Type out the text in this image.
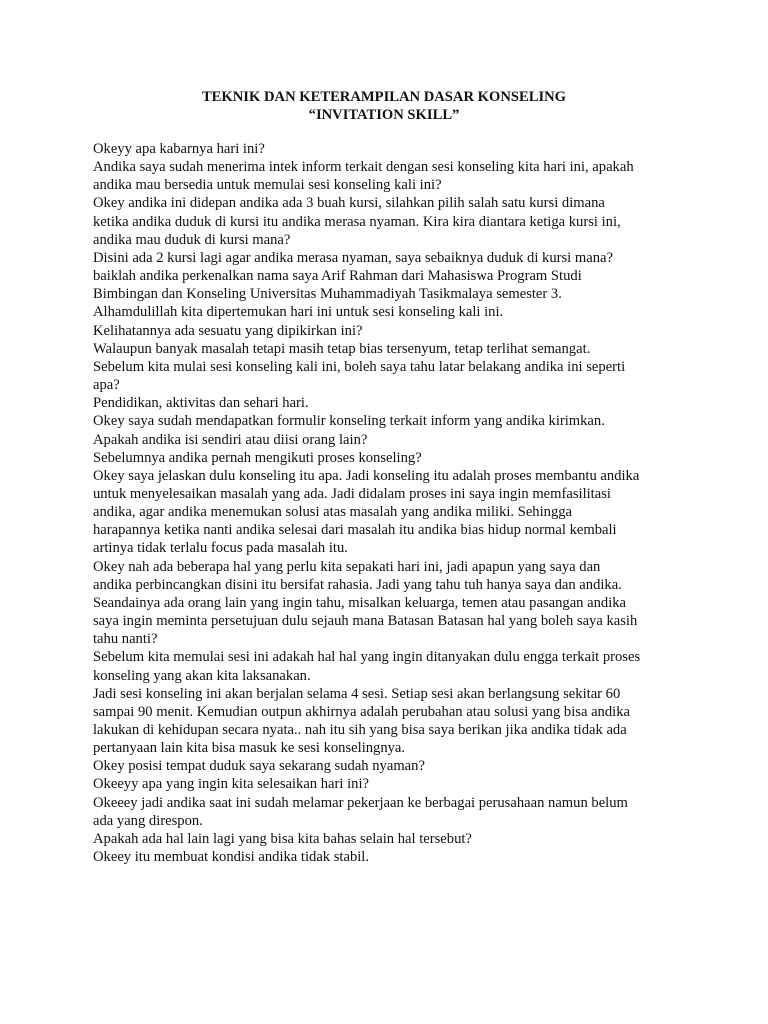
TEKNIK DAN KETERAMPILAN DASAR KONSELING
“INVITATION SKILL”
Okeyy apa kabarnya hari ini?
Andika saya sudah menerima intek inform terkait dengan sesi konseling kita hari ini, apakah
andika mau bersedia untuk memulai sesi konseling kali ini?
Okey andika ini didepan andika ada 3 buah kursi, silahkan pilih salah satu kursi dimana
ketika andika duduk di kursi itu andika merasa nyaman. Kira kira diantara ketiga kursi ini,
andika mau duduk di kursi mana?
Disini ada 2 kursi lagi agar andika merasa nyaman, saya sebaiknya duduk di kursi mana?
baiklah andika perkenalkan nama saya Arif Rahman dari Mahasiswa Program Studi
Bimbingan dan Konseling Universitas Muhammadiyah Tasikmalaya semester 3.
Alhamdulillah kita dipertemukan hari ini untuk sesi konseling kali ini.
Kelihatannya ada sesuatu yang dipikirkan ini?
Walaupun banyak masalah tetapi masih tetap bias tersenyum, tetap terlihat semangat.
Sebelum kita mulai sesi konseling kali ini, boleh saya tahu latar belakang andika ini seperti
apa?
Pendidikan, aktivitas dan sehari hari.
Okey saya sudah mendapatkan formulir konseling terkait inform yang andika kirimkan.
Apakah andika isi sendiri atau diisi orang lain?
Sebelumnya andika pernah mengikuti proses konseling?
Okey saya jelaskan dulu konseling itu apa. Jadi konseling itu adalah proses membantu andika
untuk menyelesaikan masalah yang ada. Jadi didalam proses ini saya ingin memfasilitasi
andika, agar andika menemukan solusi atas masalah yang andika miliki. Sehingga
harapannya ketika nanti andika selesai dari masalah itu andika bias hidup normal kembali
artinya tidak terlalu focus pada masalah itu.
Okey nah ada beberapa hal yang perlu kita sepakati hari ini, jadi apapun yang saya dan
andika perbincangkan disini itu bersifat rahasia. Jadi yang tahu tuh hanya saya dan andika.
Seandainya ada orang lain yang ingin tahu, misalkan keluarga, temen atau pasangan andika
saya ingin meminta persetujuan dulu sejauh mana Batasan Batasan hal yang boleh saya kasih
tahu nanti?
Sebelum kita memulai sesi ini adakah hal hal yang ingin ditanyakan dulu engga terkait proses
konseling yang akan kita laksanakan.
Jadi sesi konseling ini akan berjalan selama 4 sesi. Setiap sesi akan berlangsung sekitar 60
sampai 90 menit. Kemudian outpun akhirnya adalah perubahan atau solusi yang bisa andika
lakukan di kehidupan secara nyata.. nah itu sih yang bisa saya berikan jika andika tidak ada
pertanyaan lain kita bisa masuk ke sesi konselingnya.
Okey posisi tempat duduk saya sekarang sudah nyaman?
Okeeyy apa yang ingin kita selesaikan hari ini?
Okeeey jadi andika saat ini sudah melamar pekerjaan ke berbagai perusahaan namun belum
ada yang direspon.
Apakah ada hal lain lagi yang bisa kita bahas selain hal tersebut?
Okeey itu membuat kondisi andika tidak stabil.
